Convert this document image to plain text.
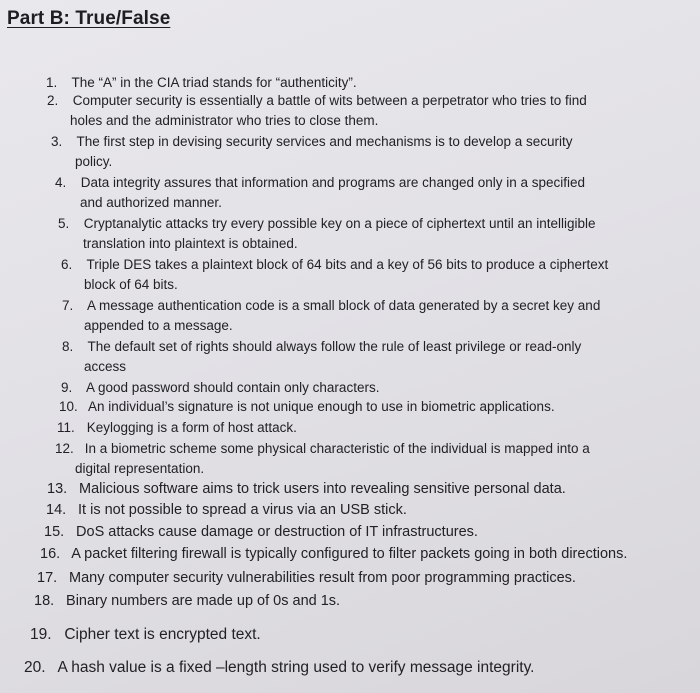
Part B: True/False
1. The “A” in the CIA triad stands for “authenticity”.
2. Computer security is essentially a battle of wits between a perpetrator who tries to find
holes and the administrator who tries to close them.
3. The first step in devising security services and mechanisms is to develop a security
policy.
4. Data integrity assures that information and programs are changed only in a specified
and authorized manner.
5. Cryptanalytic attacks try every possible key on a piece of ciphertext until an intelligible
translation into plaintext is obtained.
6. Triple DES takes a plaintext block of 64 bits and a key of 56 bits to produce a ciphertext
block of 64 bits.
7. A message authentication code is a small block of data generated by a secret key and
appended to a message.
8. The default set of rights should always follow the rule of least privilege or read-only
access
9. A good password should contain only characters.
10. An individual’s signature is not unique enough to use in biometric applications.
11. Keylogging is a form of host attack.
12. In a biometric scheme some physical characteristic of the individual is mapped into a
digital representation.
13. Malicious software aims to trick users into revealing sensitive personal data.
14. It is not possible to spread a virus via an USB stick.
15. DoS attacks cause damage or destruction of IT infrastructures.
16. A packet filtering firewall is typically configured to filter packets going in both directions.
17. Many computer security vulnerabilities result from poor programming practices.
18. Binary numbers are made up of 0s and 1s.
19. Cipher text is encrypted text.
20. A hash value is a fixed –length string used to verify message integrity.
